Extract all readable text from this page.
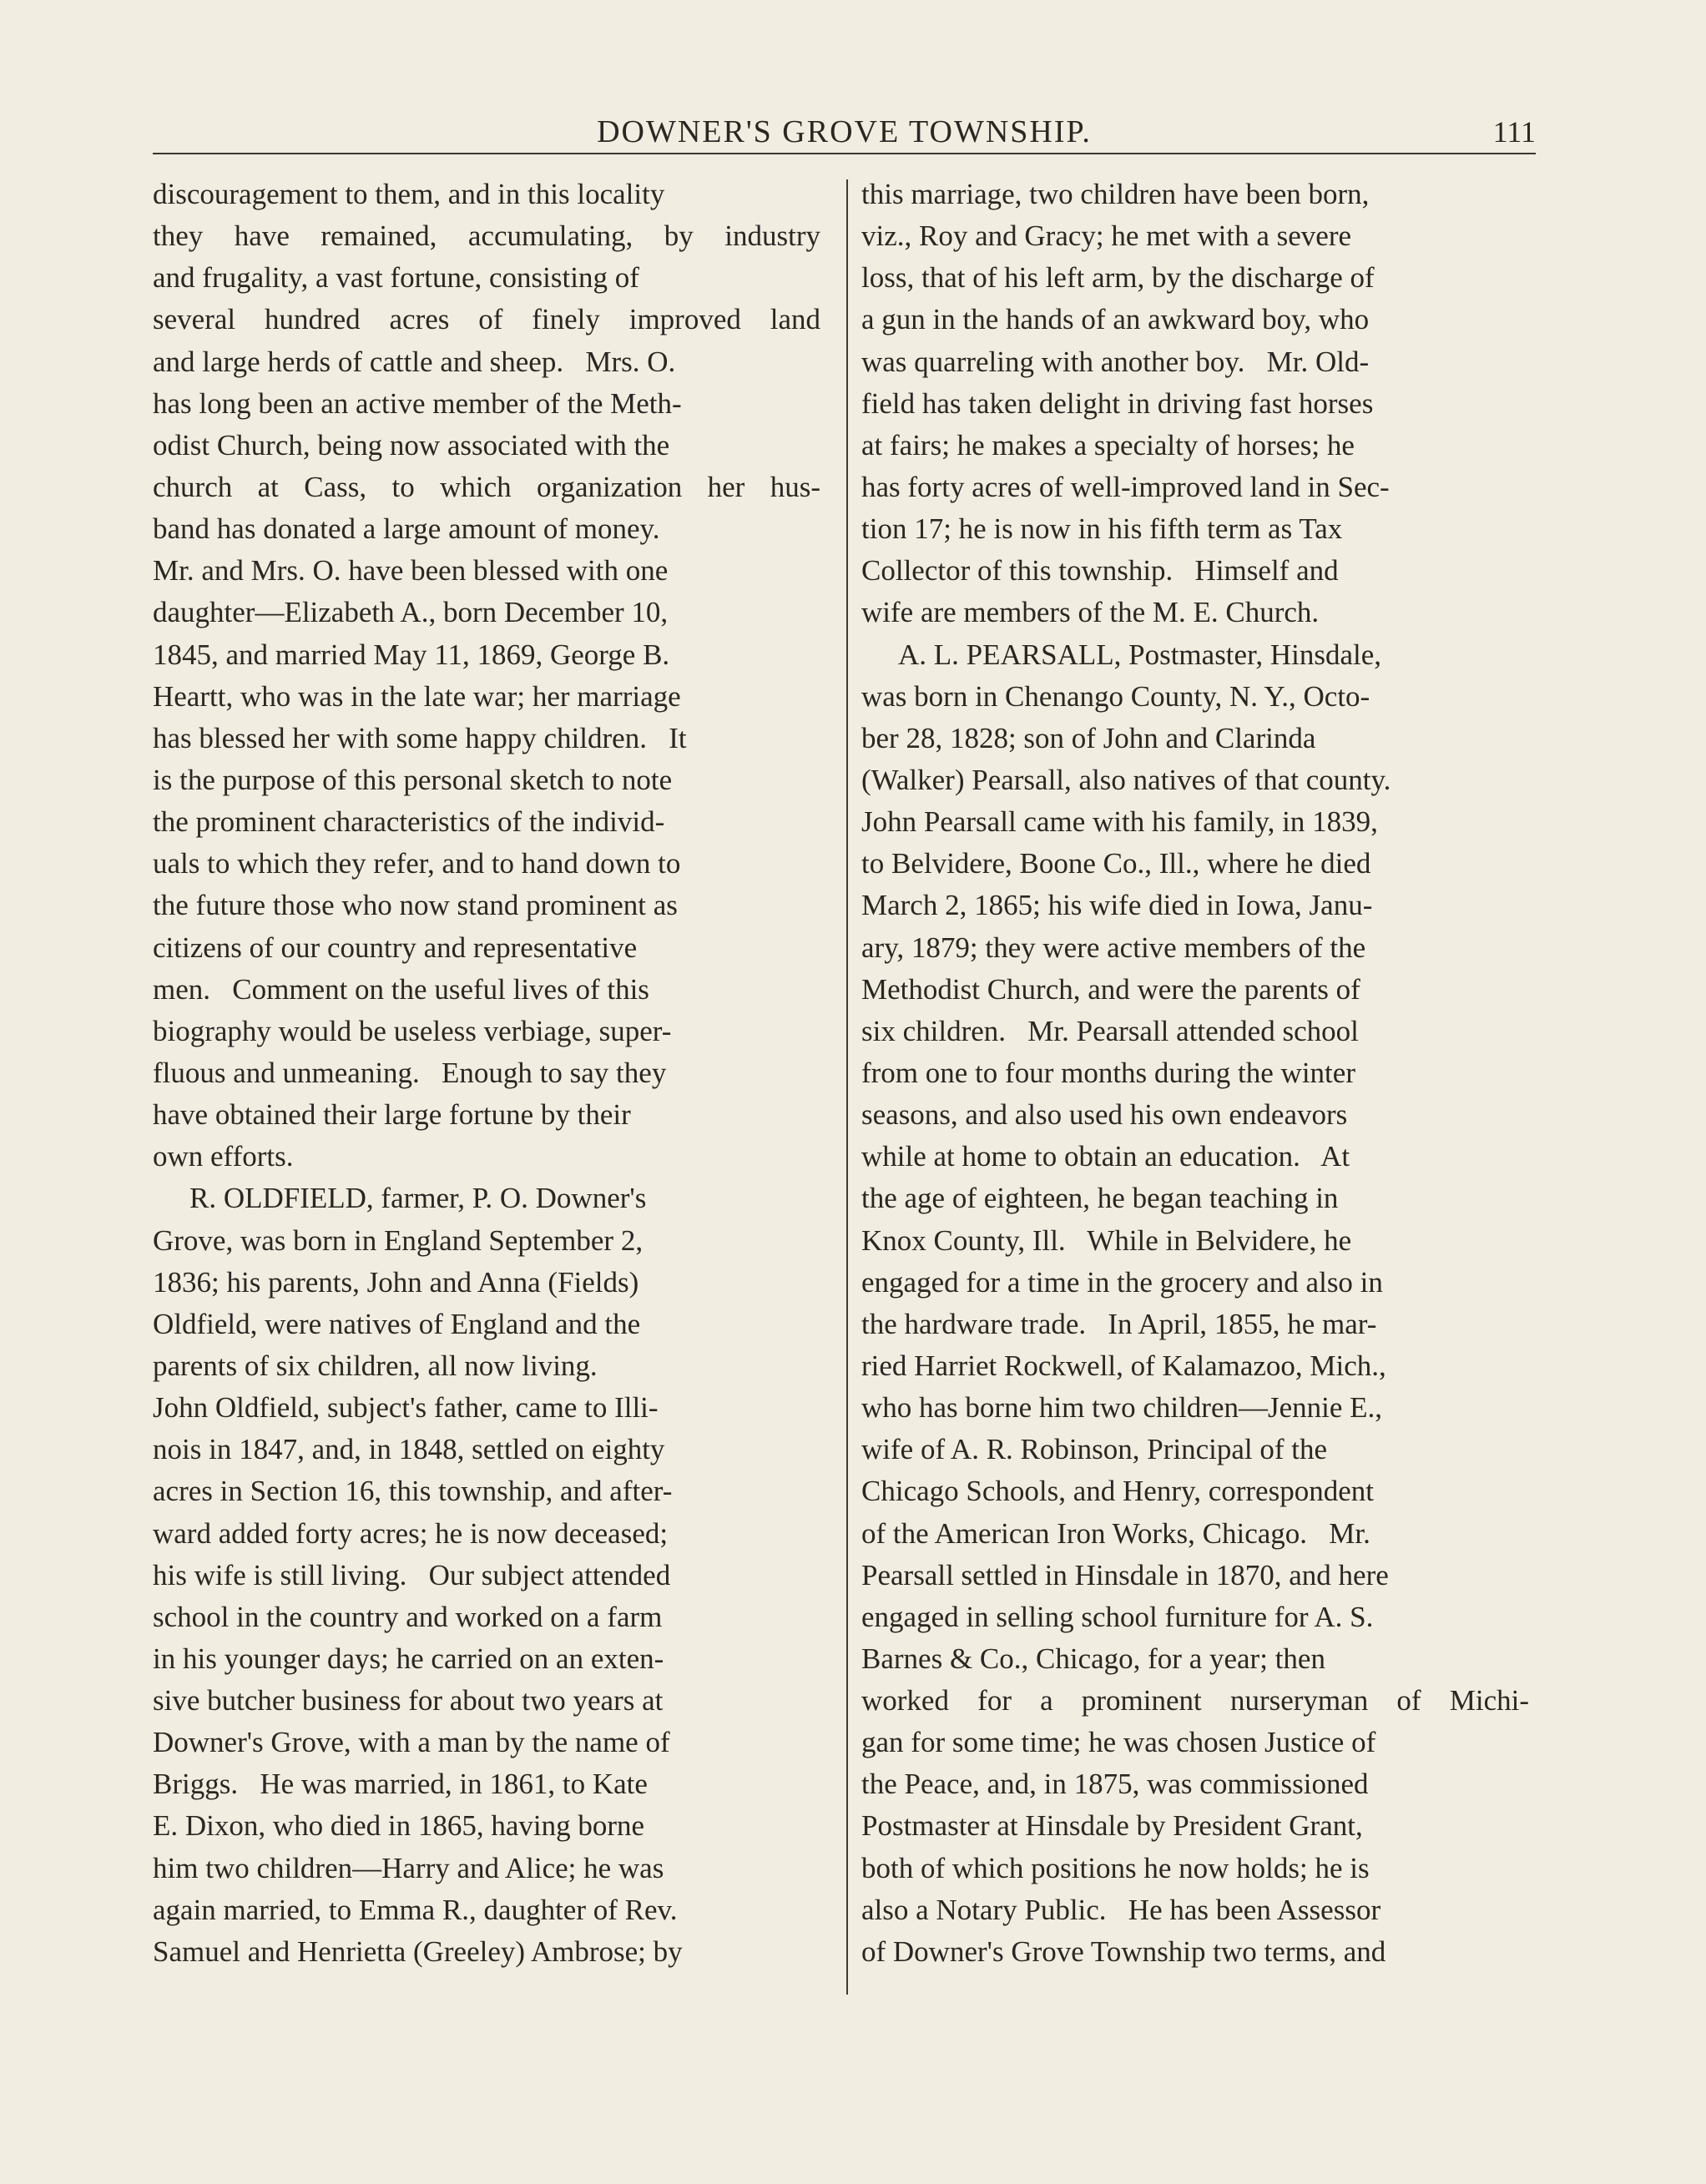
DOWNER'S GROVE TOWNSHIP.	111
discouragement to them, and in this locality
they have remained, accumulating, by industry
and frugality, a vast fortune, consisting of
several hundred acres of finely improved land
and large herds of cattle and sheep.   Mrs. O.
has long been an active member of the Meth-
odist Church, being now associated with the
church at Cass, to which organization her hus-
band has donated a large amount of money.
Mr. and Mrs. O. have been blessed with one
daughter—Elizabeth A., born December 10,
1845, and married May 11, 1869, George B.
Heartt, who was in the late war; her marriage
has blessed her with some happy children.   It
is the purpose of this personal sketch to note
the prominent characteristics of the individ-
uals to which they refer, and to hand down to
the future those who now stand prominent as
citizens of our country and representative
men.   Comment on the useful lives of this
biography would be useless verbiage, super-
fluous and unmeaning.   Enough to say they
have obtained their large fortune by their
own efforts.
R. OLDFIELD, farmer, P. O. Downer's
Grove, was born in England September 2,
1836; his parents, John and Anna (Fields)
Oldfield, were natives of England and the
parents of six children, all now living.
John Oldfield, subject's father, came to Illi-
nois in 1847, and, in 1848, settled on eighty
acres in Section 16, this township, and after-
ward added forty acres; he is now deceased;
his wife is still living.   Our subject attended
school in the country and worked on a farm
in his younger days; he carried on an exten-
sive butcher business for about two years at
Downer's Grove, with a man by the name of
Briggs.   He was married, in 1861, to Kate
E. Dixon, who died in 1865, having borne
him two children—Harry and Alice; he was
again married, to Emma R., daughter of Rev.
Samuel and Henrietta (Greeley) Ambrose; by
this marriage, two children have been born,
viz., Roy and Gracy; he met with a severe
loss, that of his left arm, by the discharge of
a gun in the hands of an awkward boy, who
was quarreling with another boy.   Mr. Old-
field has taken delight in driving fast horses
at fairs; he makes a specialty of horses; he
has forty acres of well-improved land in Sec-
tion 17; he is now in his fifth term as Tax
Collector of this township.   Himself and
wife are members of the M. E. Church.
A. L. PEARSALL, Postmaster, Hinsdale,
was born in Chenango County, N. Y., Octo-
ber 28, 1828; son of John and Clarinda
(Walker) Pearsall, also natives of that county.
John Pearsall came with his family, in 1839,
to Belvidere, Boone Co., Ill., where he died
March 2, 1865; his wife died in Iowa, Janu-
ary, 1879; they were active members of the
Methodist Church, and were the parents of
six children.   Mr. Pearsall attended school
from one to four months during the winter
seasons, and also used his own endeavors
while at home to obtain an education.   At
the age of eighteen, he began teaching in
Knox County, Ill.   While in Belvidere, he
engaged for a time in the grocery and also in
the hardware trade.   In April, 1855, he mar-
ried Harriet Rockwell, of Kalamazoo, Mich.,
who has borne him two children—Jennie E.,
wife of A. R. Robinson, Principal of the
Chicago Schools, and Henry, correspondent
of the American Iron Works, Chicago.   Mr.
Pearsall settled in Hinsdale in 1870, and here
engaged in selling school furniture for A. S.
Barnes & Co., Chicago, for a year; then
worked for a prominent nurseryman of Michi-
gan for some time; he was chosen Justice of
the Peace, and, in 1875, was commissioned
Postmaster at Hinsdale by President Grant,
both of which positions he now holds; he is
also a Notary Public.   He has been Assessor
of Downer's Grove Township two terms, and
